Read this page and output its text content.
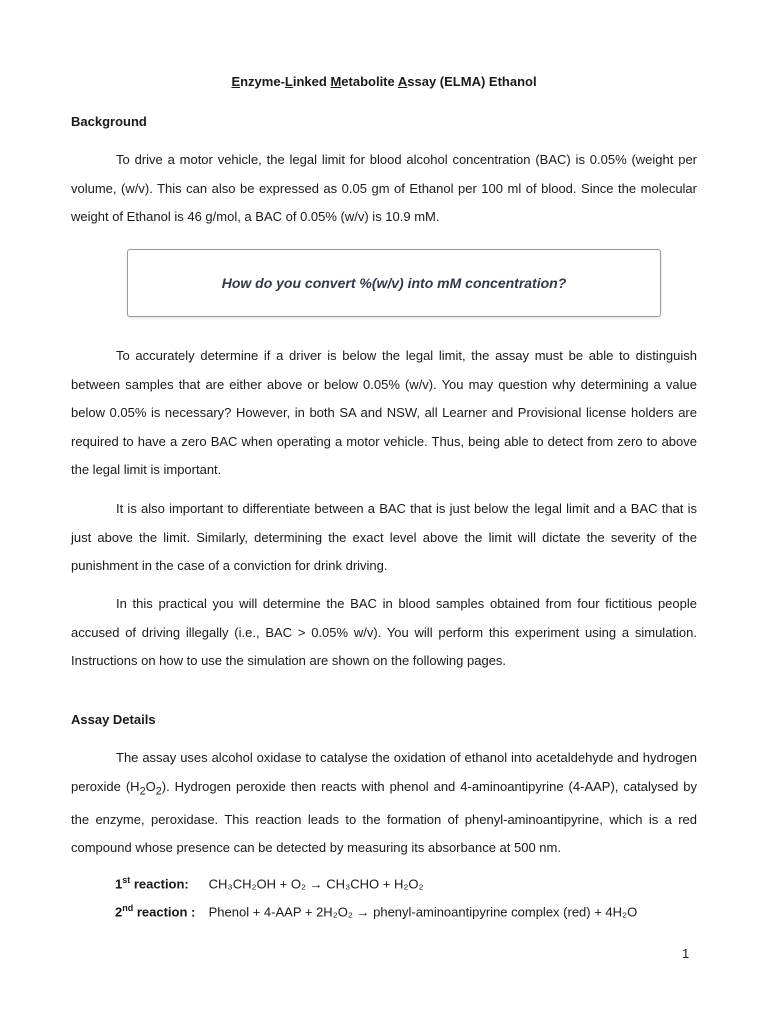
Enzyme-Linked Metabolite Assay (ELMA) Ethanol
Background

To drive a motor vehicle, the legal limit for blood alcohol concentration (BAC) is 0.05% (weight per volume, (w/v). This can also be expressed as 0.05 gm of Ethanol per 100 ml of blood. Since the molecular weight of Ethanol is 46 g/mol, a BAC of 0.05% (w/v) is 10.9 mM.

How do you convert %(w/v) into mM concentration?

To accurately determine if a driver is below the legal limit, the assay must be able to distinguish between samples that are either above or below 0.05% (w/v). You may question why determining a value below 0.05% is necessary? However, in both SA and NSW, all Learner and Provisional license holders are required to have a zero BAC when operating a motor vehicle. Thus, being able to detect from zero to above the legal limit is important.

It is also important to differentiate between a BAC that is just below the legal limit and a BAC that is just above the limit. Similarly, determining the exact level above the limit will dictate the severity of the punishment in the case of a conviction for drink driving.

In this practical you will determine the BAC in blood samples obtained from four fictitious people accused of driving illegally (i.e., BAC > 0.05% w/v). You will perform this experiment using a simulation. Instructions on how to use the simulation are shown on the following pages.

Assay Details

The assay uses alcohol oxidase to catalyse the oxidation of ethanol into acetaldehyde and hydrogen peroxide $(H_2O_2)$. Hydrogen peroxide then reacts with phenol and 4-aminoantipyrine (4-AAP), catalysed by the enzyme, peroxidase. This reaction leads to the formation of phenyl-aminoantipyrine, which is a red compound whose presence can be detected by measuring its absorbance at 500 nm.

1st reaction: CH₃CH₂OH + O₂ → CH₃CHO + H₂O₂
2nd reaction : Phenol + 4-AAP + 2H₂O₂ → phenyl-aminoantipyrine complex (red) + 4H₂O
1
